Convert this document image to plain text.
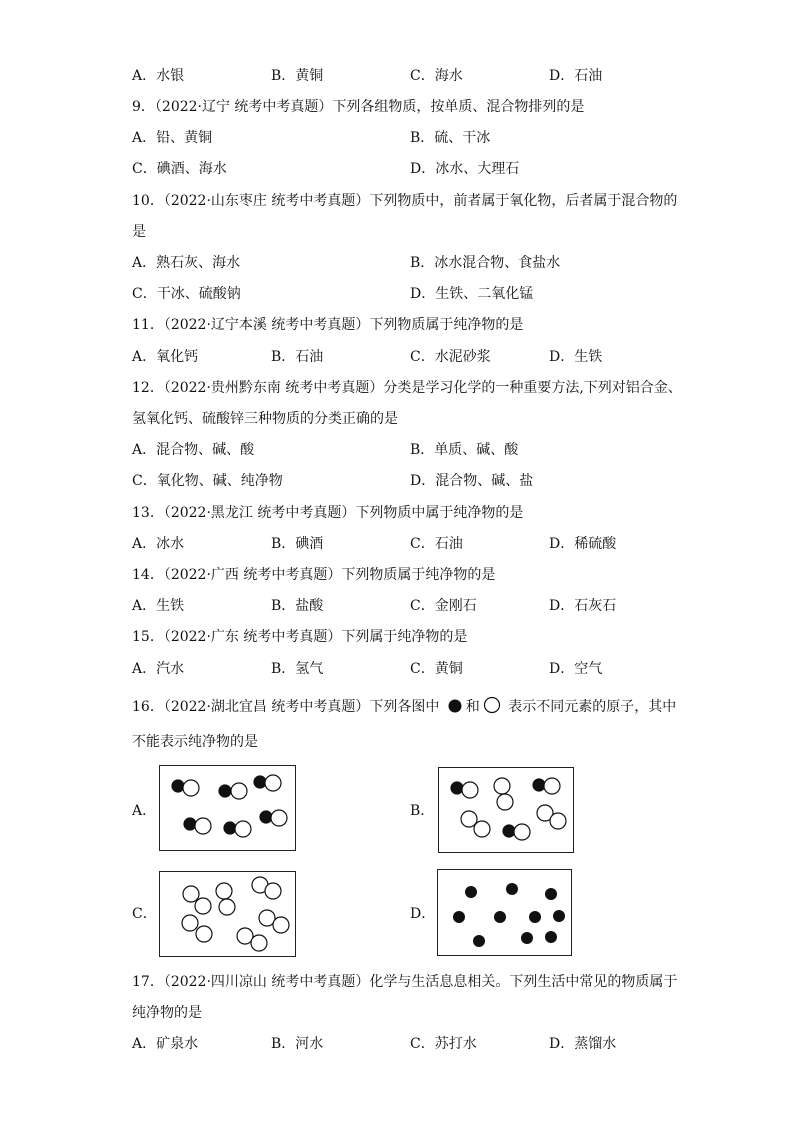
A．水银	B．黄铜	C．海水	D．石油
9．（2022·辽宁 统考中考真题）下列各组物质，按单质、混合物排列的是
A．铅、黄铜	B．硫、干冰
C．碘酒、海水	D．冰水、大理石
10．（2022·山东枣庄 统考中考真题）下列物质中，前者属于氧化物，后者属于混合物的
是
A．熟石灰、海水	B．冰水混合物、食盐水
C．干冰、硫酸钠	D．生铁、二氧化锰
11．（2022·辽宁本溪 统考中考真题）下列物质属于纯净物的是
A．氧化钙	B．石油	C．水泥砂浆	D．生铁
12．（2022·贵州黔东南 统考中考真题）分类是学习化学的一种重要方法,下列对铝合金、
氢氧化钙、硫酸锌三种物质的分类正确的是
A．混合物、碱、酸	B．单质、碱、酸
C．氧化物、碱、纯净物	D．混合物、碱、盐
13．（2022·黑龙江 统考中考真题）下列物质中属于纯净物的是
A．冰水	B．碘酒	C．石油	D．稀硫酸
14．（2022·广西 统考中考真题）下列物质属于纯净物的是
A．生铁	B．盐酸	C．金刚石	D．石灰石
15．（2022·广东 统考中考真题）下列属于纯净物的是
A．汽水	B．氢气	C．黄铜	D．空气
16．（2022·湖北宜昌 统考中考真题）下列各图中 和 表示不同元素的原子，其中
不能表示纯净物的是
A．	B．
C．	D．
17．（2022·四川凉山 统考中考真题）化学与生活息息相关。下列生活中常见的物质属于
纯净物的是
A．矿泉水	B．河水	C．苏打水	D．蒸馏水
